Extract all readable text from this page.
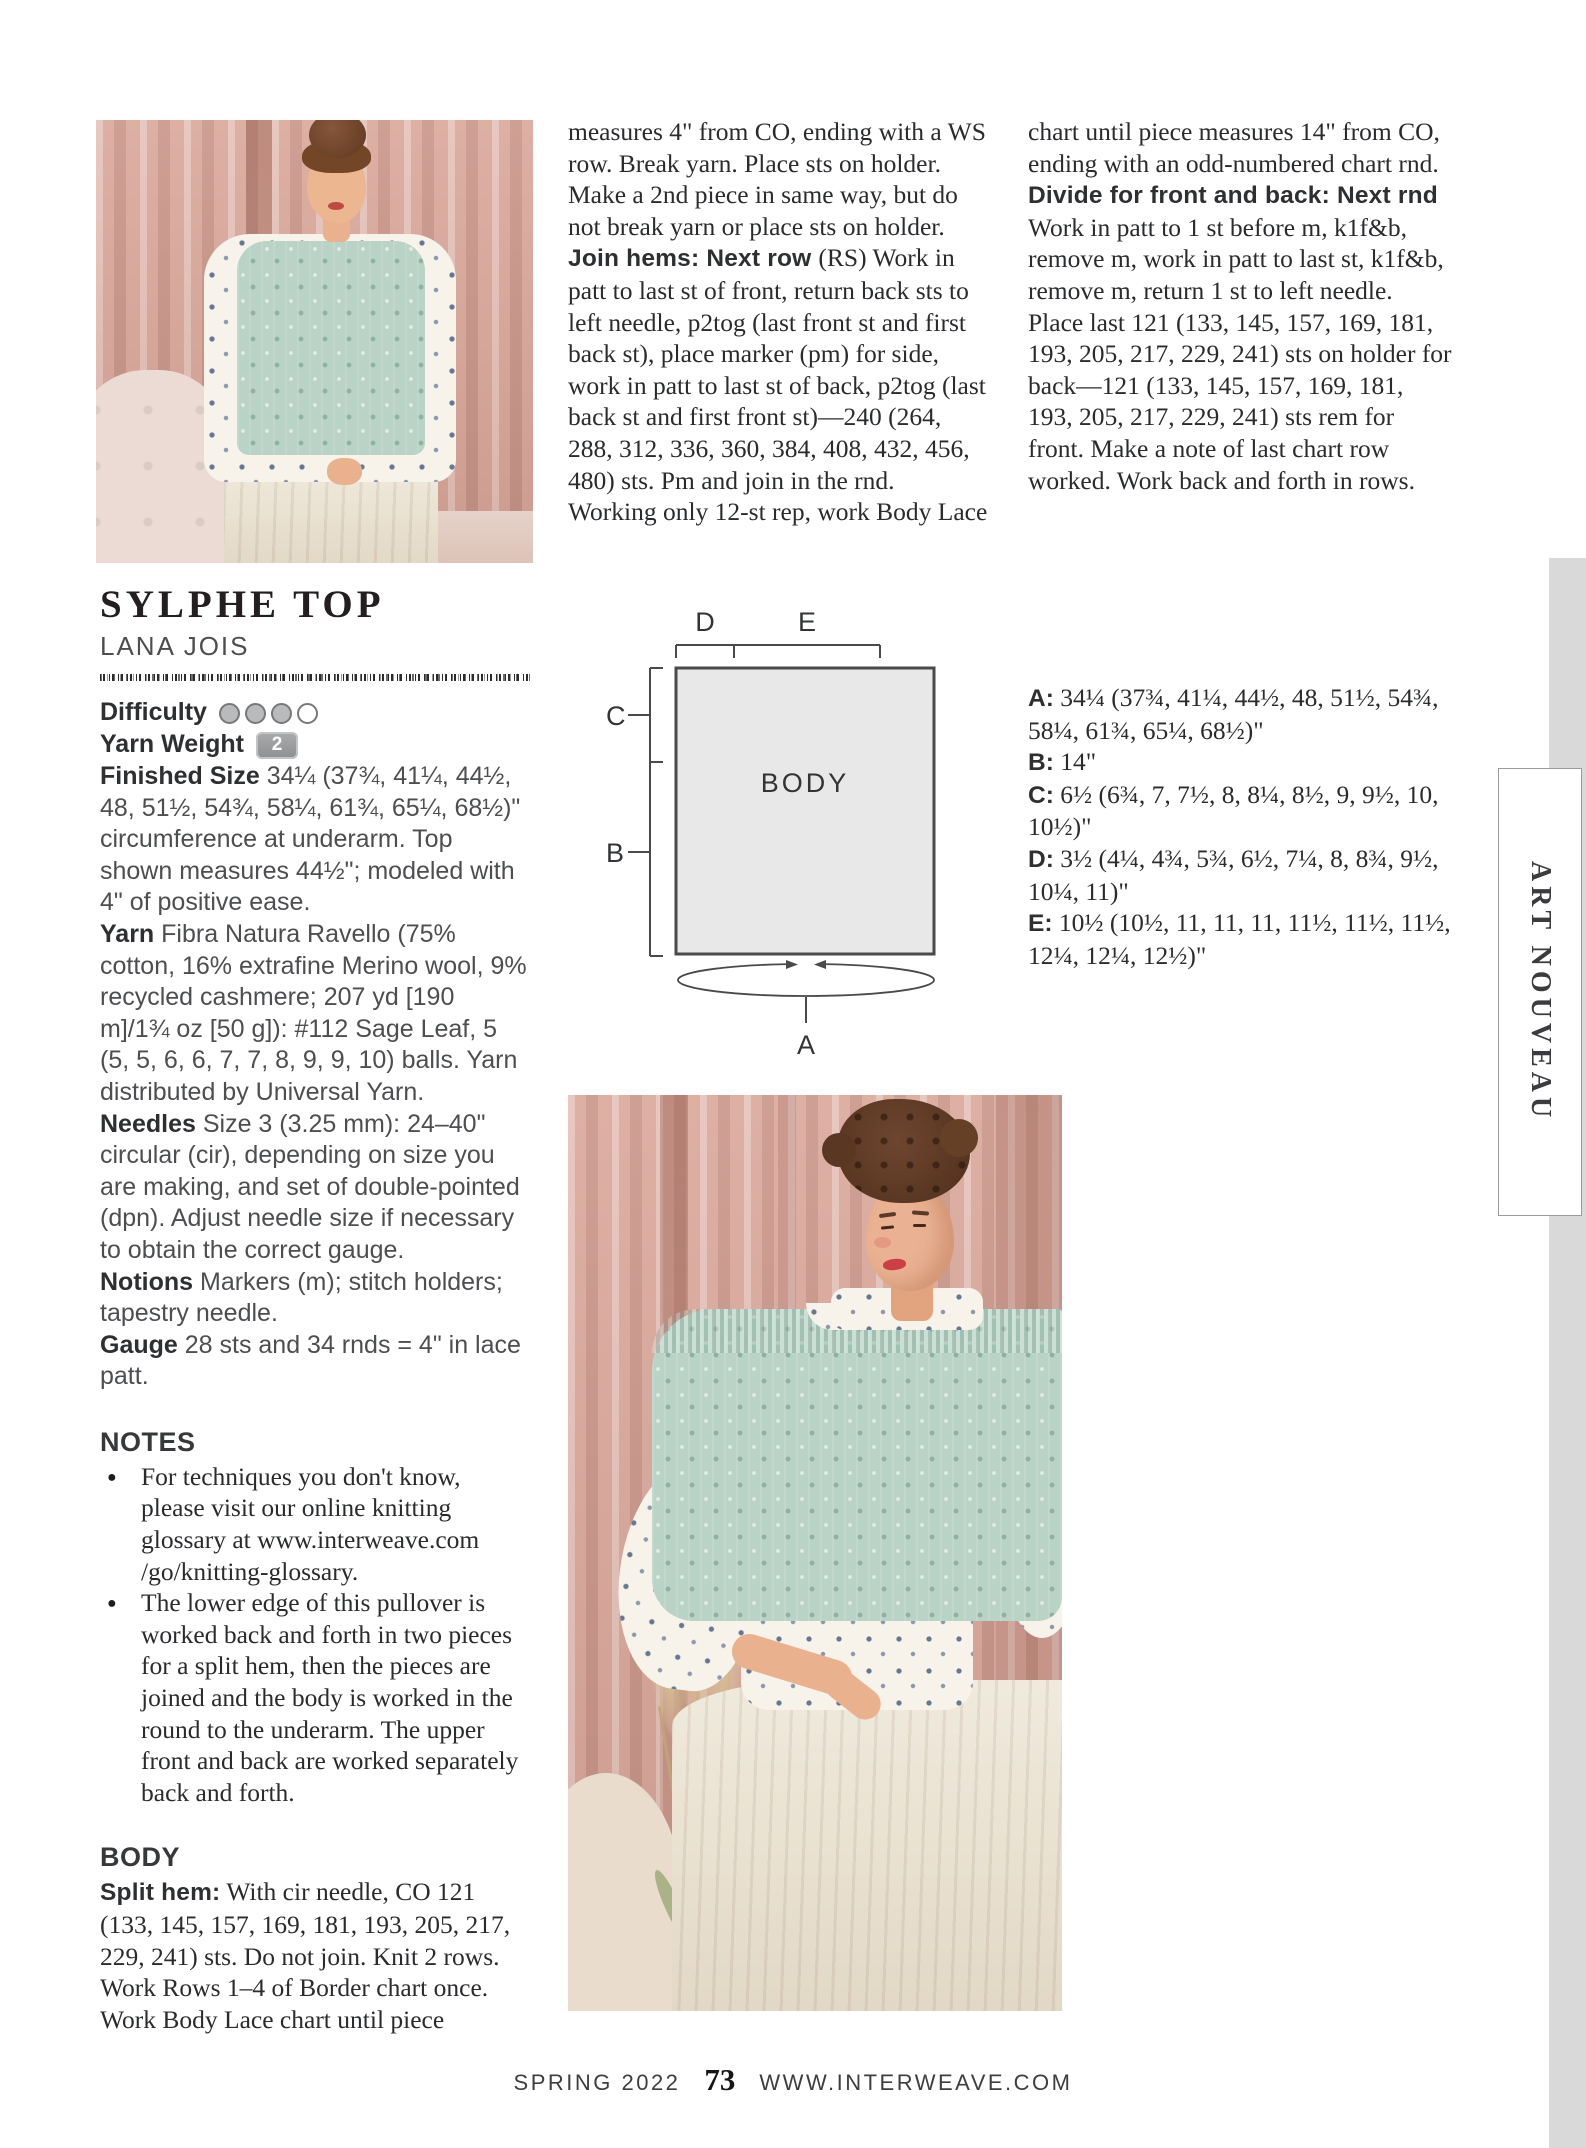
SYLPHE TOP
LANA JOIS
Difficulty
Yarn Weight	2

Finished Size 34¼ (37¾, 41¼, 44½, 48, 51½, 54¾, 58¼, 61¾, 65¼, 68½)" circumference at underarm. Top shown measures 44½"; modeled with 4" of positive ease.

Yarn Fibra Natura Ravello (75% cotton, 16% extrafine Merino wool, 9% recycled cashmere; 207 yd [190 m]/1¾ oz [50 g]): #112 Sage Leaf, 5 (5, 5, 6, 6, 7, 7, 8, 9, 9, 10) balls. Yarn distributed by Universal Yarn.

Needles Size 3 (3.25 mm): 24–40" circular (cir), depending on size you are making, and set of double-pointed (dpn). Adjust needle size if necessary to obtain the correct gauge.

Notions Markers (m); stitch holders; tapestry needle.

Gauge 28 sts and 34 rnds = 4" in lace patt.

NOTES
● For techniques you don't know, please visit our online knitting glossary at www.interweave.com /go/knitting-glossary.
● The lower edge of this pullover is worked back and forth in two pieces for a split hem, then the pieces are joined and the body is worked in the round to the underarm. The upper front and back are worked separately back and forth.
BODY

Split hem: With cir needle, CO 121 (133, 145, 157, 169, 181, 193, 205, 217, 229, 241) sts. Do not join. Knit 2 rows. Work Rows 1–4 of Border chart once. Work Body Lace chart until piece

measures 4" from CO, ending with a WS row. Break yarn. Place sts on holder. Make a 2nd piece in same way, but do not break yarn or place sts on holder. Join hems: Next row (RS) Work in patt to last st of front, return back sts to left needle, p2tog (last front st and first back st), place marker (pm) for side, work in patt to last st of back, p2tog (last back st and first front st)—240 (264, 288, 312, 336, 360, 384, 408, 432, 456, 480) sts. Pm and join in the rnd. Working only 12-st rep, work Body Lace

chart until piece measures 14" from CO, ending with an odd-numbered chart rnd. Divide for front and back: Next rnd Work in patt to 1 st before m, k1f&b, remove m, work in patt to last st, k1f&b, remove m, return 1 st to left needle. Place last 121 (133, 145, 157, 169, 181, 193, 205, 217, 229, 241) sts on holder for back—121 (133, 145, 157, 169, 181, 193, 205, 217, 229, 241) sts rem for front. Make a note of last chart row worked. Work back and forth in rows.

D	E
C
B
A
BODY

A: 34¼ (37¾, 41¼, 44½, 48, 51½, 54¾, 58¼, 61¾, 65¼, 68½)"

B: 14"

C: 6½ (6¾, 7, 7½, 8, 8¼, 8½, 9, 9½, 10, 10½)"

D: 3½ (4¼, 4¾, 5¾, 6½, 7¼, 8, 8¾, 9½, 10¼, 11)"

E: 10½ (10½, 11, 11, 11, 11½, 11½, 11½, 12¼, 12¼, 12½)"	ART NOUVEAU
SPRING 2022 73 WWW.INTERWEAVE.COM
